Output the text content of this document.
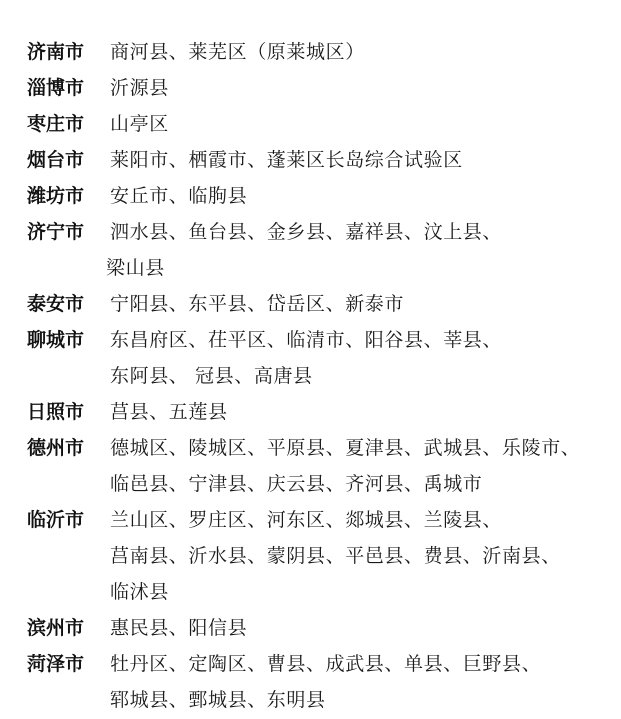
济南市 商河县、莱芜区（原莱城区）
淄博市 沂源县
枣庄市 山亭区
烟台市 莱阳市、栖霞市、蓬莱区长岛综合试验区
潍坊市 安丘市、临朐县
济宁市 泗水县、鱼台县、金乡县、嘉祥县、汶上县、
梁山县
泰安市 宁阳县、东平县、岱岳区、新泰市
聊城市 东昌府区、茌平区、临清市、阳谷县、莘县、
东阿县、 冠县、高唐县
日照市 莒县、五莲县
德州市 德城区、陵城区、平原县、夏津县、武城县、乐陵市、
临邑县、宁津县、庆云县、齐河县、禹城市
临沂市 兰山区、罗庄区、河东区、郯城县、兰陵县、
莒南县、沂水县、蒙阴县、平邑县、费县、沂南县、
临沭县
滨州市 惠民县、阳信县
菏泽市 牡丹区、定陶区、曹县、成武县、单县、巨野县、
郓城县、鄄城县、东明县
